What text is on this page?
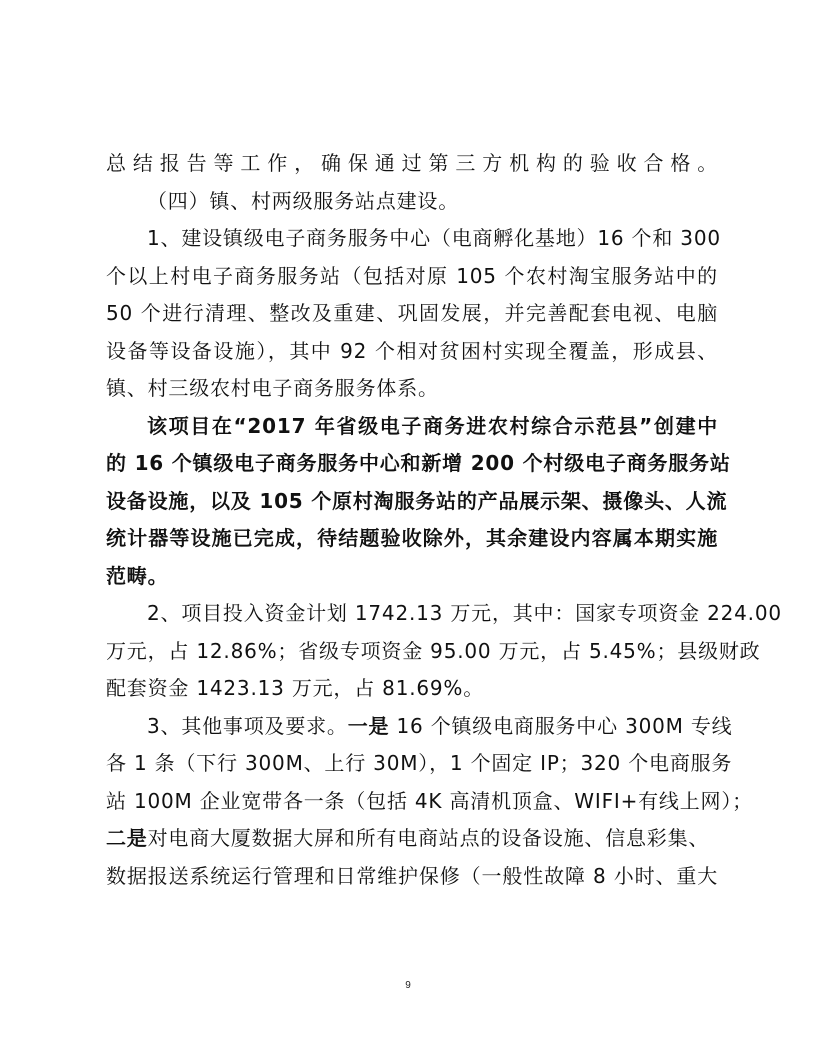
总结报告等工作，确保通过第三方机构的验收合格。
（四）镇、村两级服务站点建设。
1、建设镇级电子商务服务中心（电商孵化基地）16 个和 300
个以上村电子商务服务站（包括对原 105 个农村淘宝服务站中的
50 个进行清理、整改及重建、巩固发展，并完善配套电视、电脑
设备等设备设施），其中 92 个相对贫困村实现全覆盖，形成县、
镇、村三级农村电子商务服务体系。
该项目在“2017 年省级电子商务进农村综合示范县”创建中
的 16 个镇级电子商务服务中心和新增 200 个村级电子商务服务站
设备设施，以及 105 个原村淘服务站的产品展示架、摄像头、人流
统计器等设施已完成，待结题验收除外，其余建设内容属本期实施
范畴。
2、项目投入资金计划 1742.13 万元，其中：国家专项资金 224.00
万元，占 12.86%；省级专项资金 95.00 万元，占 5.45%；县级财政
配套资金 1423.13 万元，占 81.69%。
3、其他事项及要求。一是 16 个镇级电商服务中心 300M 专线
各 1 条（下行 300M、上行 30M），1 个固定 IP；320 个电商服务
站 100M 企业宽带各一条（包括 4K 高清机顶盒、WIFI+有线上网）；
二是对电商大厦数据大屏和所有电商站点的设备设施、信息彩集、
数据报送系统运行管理和日常维护保修（一般性故障 8 小时、重大
9
